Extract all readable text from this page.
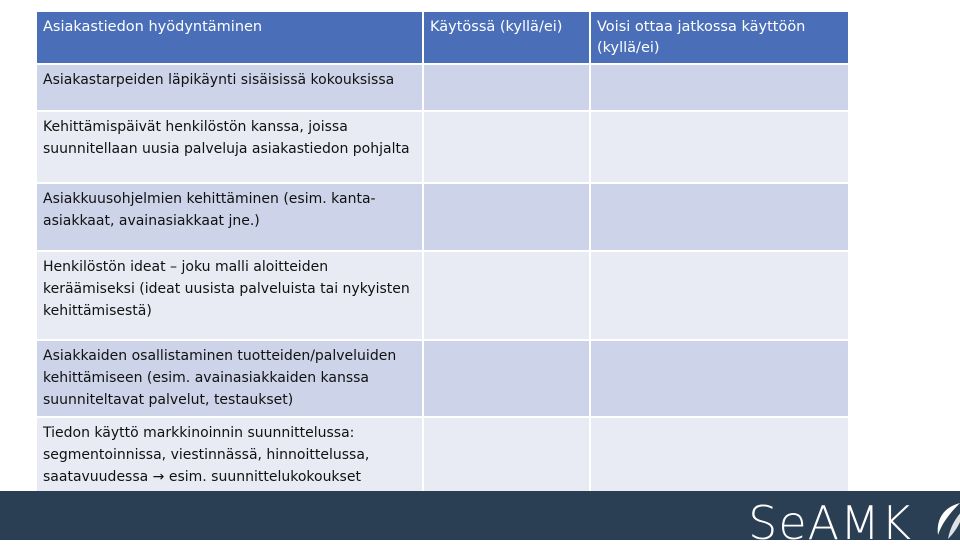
Asiakastiedon hyödyntäminen	Käytössä (kyllä/ei)	Voisi ottaa jatkossa käyttöön (kyllä/ei)
Asiakastarpeiden läpikäynti sisäisissä kokouksissa		
Kehittämispäivät henkilöstön kanssa, joissa suunnitellaan uusia palveluja asiakastiedon pohjalta		
Asiakkuusohjelmien kehittäminen (esim. kanta-asiakkaat, avainasiakkaat jne.)		
Henkilöstön ideat – joku malli aloitteiden keräämiseksi (ideat uusista palveluista tai nykyisten kehittämisestä)		
Asiakkaiden osallistaminen tuotteiden/palveluiden kehittämiseen (esim. avainasiakkaiden kanssa suunniteltavat palvelut, testaukset)		
Tiedon käyttö markkinoinnin suunnittelussa: segmentoinnissa, viestinnässä, hinnoittelussa, saatavuudessa → esim. suunnittelukokoukset		
SeAMK
